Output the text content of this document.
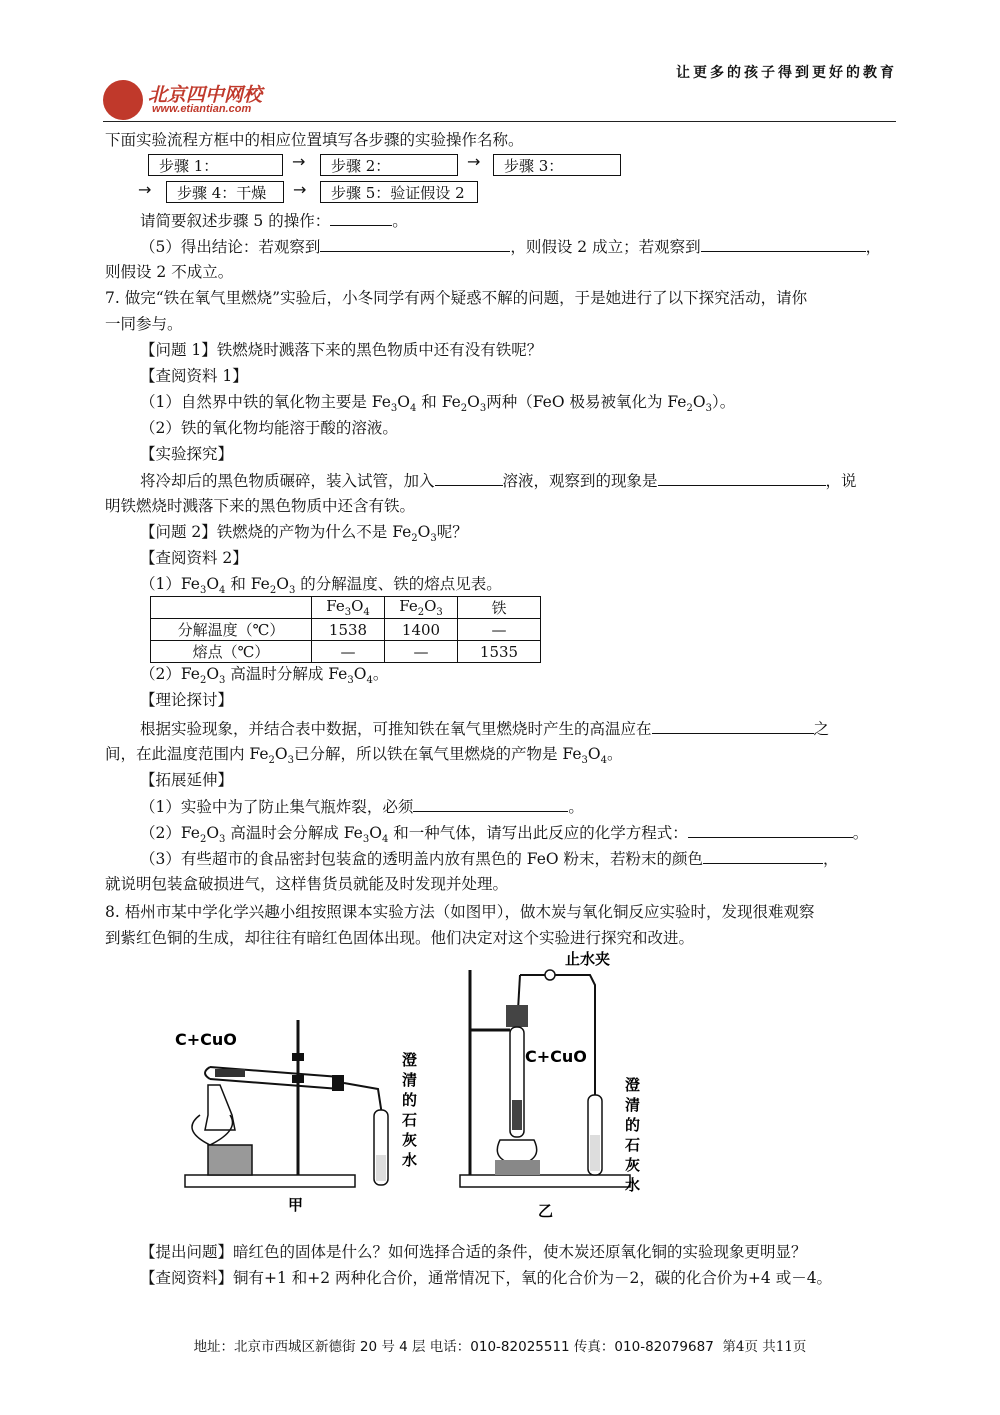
北京四中网校
www.etiantian.com
让更多的孩子得到更好的教育
下面实验流程方框中的相应位置填写各步骤的实验操作名称。
步骤 1：	→	步骤 2：	→	步骤 3：
→	步骤 4：干燥	→	步骤 5：验证假设 2
请简要叙述步骤 5 的操作：	。
（5）得出结论：若观察到	，则假设 2 成立；若观察到	，
则假设 2 不成立。
7. 做完“铁在氧气里燃烧”实验后，小冬同学有两个疑惑不解的问题，于是她进行了以下探究活动，请你
一同参与。
【问题 1】铁燃烧时溅落下来的黑色物质中还有没有铁呢？
【查阅资料 1】
（1）自然界中铁的氧化物主要是 $Fe_3O_4$ 和 $Fe_2O_3$两种（FeO 极易被氧化为 $Fe_2O_3$）。
（2）铁的氧化物均能溶于酸的溶液。
【实验探究】
将冷却后的黑色物质碾碎，装入试管，加入	溶液，观察到的现象是	，说
明铁燃烧时溅落下来的黑色物质中还含有铁。
【问题 2】铁燃烧的产物为什么不是 $Fe_2O_3$呢？
【查阅资料 2】
$(1)Fe_3O_4$ 和 $Fe_2O_3$ 的分解温度、铁的熔点见表。
	$Fe_3O_4$	$Fe_2O_3$	铁
分解温度（℃）	1538	1400	—
熔点（℃）	—	—	1535
$(2)Fe_2O_3$ 高温时分解成 $Fe_3O_4$。
【理论探讨】
根据实验现象，并结合表中数据，可推知铁在氧气里燃烧时产生的高温应在	之
间，在此温度范围内 $Fe_2O_3$已分解，所以铁在氧气里燃烧的产物是 $Fe_3O_4$。
【拓展延伸】
（1）实验中为了防止集气瓶炸裂，必须	。
$(2)Fe_2O_3$ 高温时会分解成 $Fe_3O_4$ 和一种气体，请写出此反应的化学方程式：	。
（3）有些超市的食品密封包装盒的透明盖内放有黑色的 FeO 粉末，若粉末的颜色	，
就说明包装盒破损进气，这样售货员就能及时发现并处理。
8. 梧州市某中学化学兴趣小组按照课本实验方法（如图甲），做木炭与氧化铜反应实验时，发现很难观察
到紫红色铜的生成，却往往有暗红色固体出现。他们决定对这个实验进行探究和改进。
C+CuO
澄
清
的
石
灰
水
甲
止水夹
C+CuO
澄
清
的
石
灰
水
乙
【提出问题】暗红色的固体是什么？如何选择合适的条件，使木炭还原氧化铜的实验现象更明显？
【查阅资料】铜有+1 和+2 两种化合价，通常情况下，氧的化合价为－2，碳的化合价为+4 或－4。
地址：北京市西城区新德街 20 号 4 层 电话：010-82025511 传真：010-82079687 第4页 共11页
